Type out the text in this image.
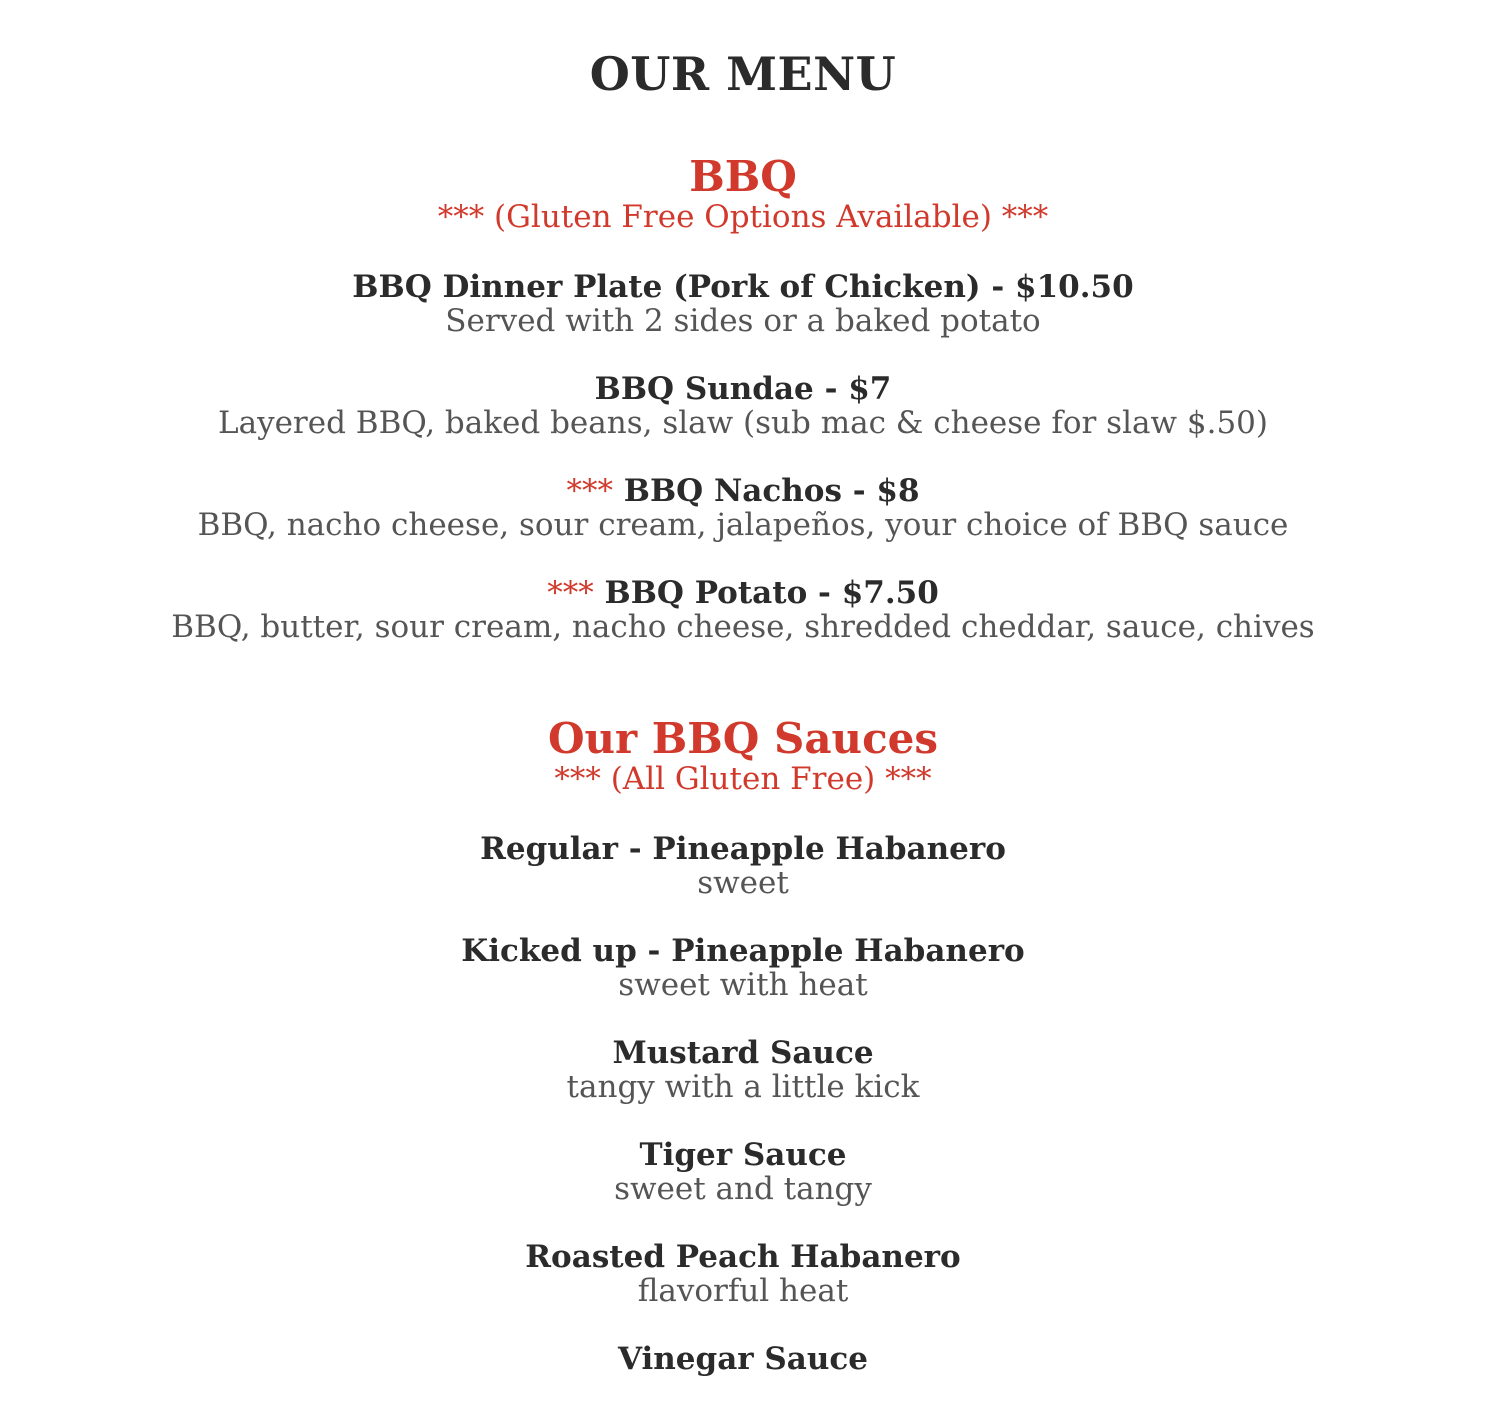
OUR MENU
BBQ

*** (Gluten Free Options Available) ***

BBQ Dinner Plate (Pork of Chicken) - $10.50
Served with 2 sides or a baked potato
BBQ Sundae - $7
Layered BBQ, baked beans, slaw (sub mac & cheese for slaw $.50)
*** BBQ Nachos - $8
BBQ, nacho cheese, sour cream, jalapeños, your choice of BBQ sauce
*** BBQ Potato - $7.50
BBQ, butter, sour cream, nacho cheese, shredded cheddar, sauce, chives
Our BBQ Sauces

*** (All Gluten Free) ***

Regular - Pineapple Habanero
sweet
Kicked up - Pineapple Habanero
sweet with heat
Mustard Sauce
tangy with a little kick
Tiger Sauce
sweet and tangy
Roasted Peach Habanero
flavorful heat
Vinegar Sauce
